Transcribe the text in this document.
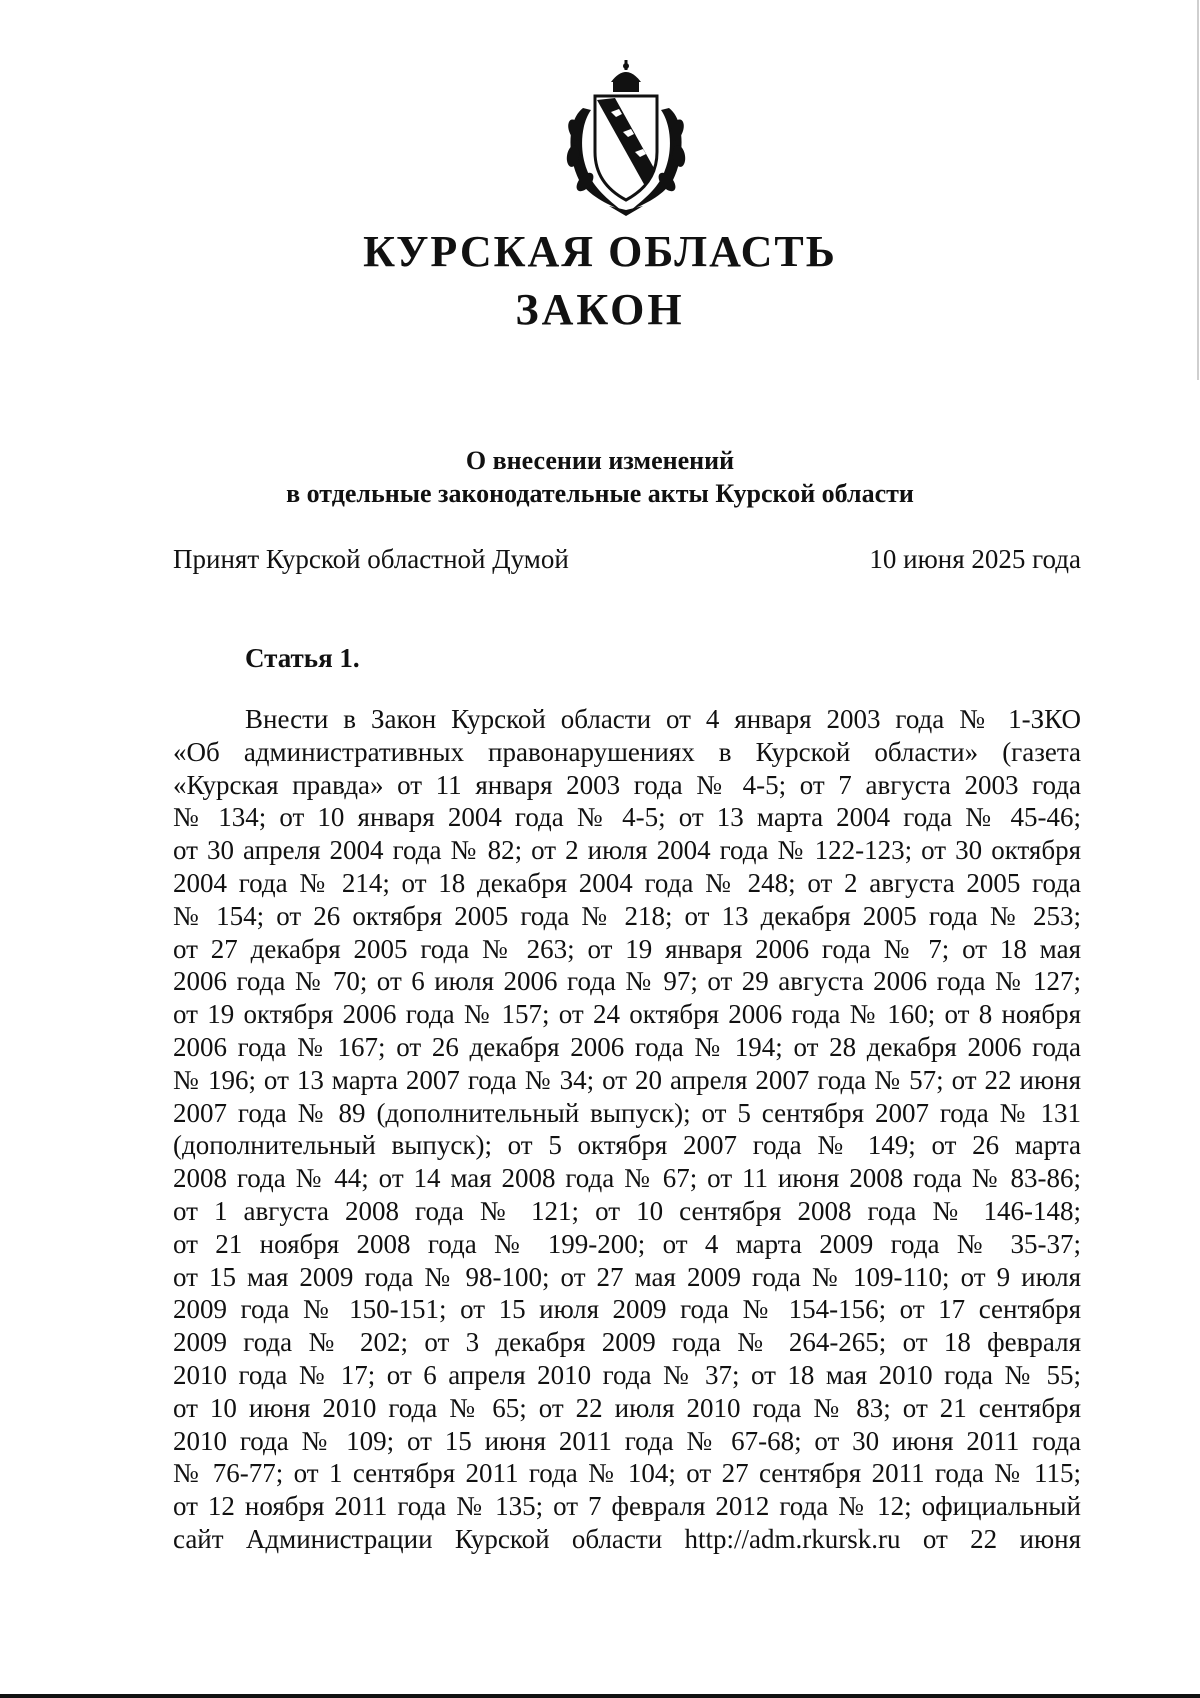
КУРСКАЯ ОБЛАСТЬ
ЗАКОН
О внесении изменений
в отдельные законодательные акты Курской области
Принят Курской областной Думой	10 июня 2025 года
Статья 1.
Внести в Закон Курской области от 4 января 2003 года № 1-ЗКО
«Об административных правонарушениях в Курской области» (газета
«Курская правда» от 11 января 2003 года № 4-5; от 7 августа 2003 года
№ 134; от 10 января 2004 года № 4-5; от 13 марта 2004 года № 45-46;
от 30 апреля 2004 года № 82; от 2 июля 2004 года № 122-123; от 30 октября
2004 года № 214; от 18 декабря 2004 года № 248; от 2 августа 2005 года
№ 154; от 26 октября 2005 года № 218; от 13 декабря 2005 года № 253;
от 27 декабря 2005 года № 263; от 19 января 2006 года № 7; от 18 мая
2006 года № 70; от 6 июля 2006 года № 97; от 29 августа 2006 года № 127;
от 19 октября 2006 года № 157; от 24 октября 2006 года № 160; от 8 ноября
2006 года № 167; от 26 декабря 2006 года № 194; от 28 декабря 2006 года
№ 196; от 13 марта 2007 года № 34; от 20 апреля 2007 года № 57; от 22 июня
2007 года № 89 (дополнительный выпуск); от 5 сентября 2007 года № 131
(дополнительный выпуск); от 5 октября 2007 года № 149; от 26 марта
2008 года № 44; от 14 мая 2008 года № 67; от 11 июня 2008 года № 83-86;
от 1 августа 2008 года № 121; от 10 сентября 2008 года № 146-148;
от 21 ноября 2008 года № 199-200; от 4 марта 2009 года № 35-37;
от 15 мая 2009 года № 98-100; от 27 мая 2009 года № 109-110; от 9 июля
2009 года № 150-151; от 15 июля 2009 года № 154-156; от 17 сентября
2009 года № 202; от 3 декабря 2009 года № 264-265; от 18 февраля
2010 года № 17; от 6 апреля 2010 года № 37; от 18 мая 2010 года № 55;
от 10 июня 2010 года № 65; от 22 июля 2010 года № 83; от 21 сентября
2010 года № 109; от 15 июня 2011 года № 67-68; от 30 июня 2011 года
№ 76-77; от 1 сентября 2011 года № 104; от 27 сентября 2011 года № 115;
от 12 ноября 2011 года № 135; от 7 февраля 2012 года № 12; официальный
сайт Администрации Курской области http://adm.rkursk.ru от 22 июня
